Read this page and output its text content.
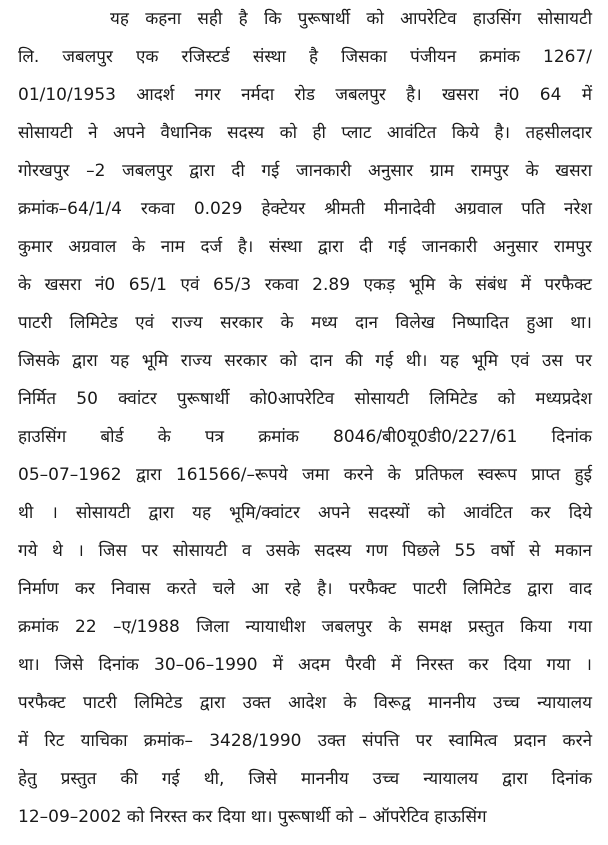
यह कहना सही है कि पुरूषार्थी को आपरेटिव हाउसिंग सोसायटी
लि. जबलपुर एक रजिस्टर्ड संस्था है जिसका पंजीयन क्रमांक 1267/
01/10/1953 आदर्श नगर नर्मदा रोड जबलपुर है। खसरा नं0 64 में
सोसायटी ने अपने वैधानिक सदस्य को ही प्लाट आवंटित किये है। तहसीलदार
गोरखपुर –2 जबलपुर द्वारा दी गई जानकारी अनुसार ग्राम रामपुर के खसरा
क्रमांक–64/1/4 रकवा 0.029 हेक्टेयर श्रीमती मीनादेवी अग्रवाल पति नरेश
कुमार अग्रवाल के नाम दर्ज है। संस्था द्वारा दी गई जानकारी अनुसार रामपुर
के खसरा नं0 65/1 एवं 65/3 रकवा 2.89 एकड़ भूमि के संबंध में परफैक्ट
पाटरी लिमिटेड एवं राज्य सरकार के मध्य दान विलेख निष्पादित हुआ था।
जिसके द्वारा यह भूमि राज्य सरकार को दान की गई थी। यह भूमि एवं उस पर
निर्मित 50 क्वांटर पुरूषार्थी को0आपरेटिव सोसायटी लिमिटेड को मध्यप्रदेश
हाउसिंग बोर्ड के पत्र क्रमांक 8046/बी0यू0डी0/227/61 दिनांक
05–07–1962 द्वारा 161566/–रूपये जमा करने के प्रतिफल स्वरूप प्राप्त हुई
थी । सोसायटी द्वारा यह भूमि/क्वांटर अपने सदस्यों को आवंटित कर दिये
गये थे । जिस पर सोसायटी व उसके सदस्य गण पिछले 55 वर्षो से मकान
निर्माण कर निवास करते चले आ रहे है। परफैक्ट पाटरी लिमिटेड द्वारा वाद
क्रमांक 22 –ए/1988 जिला न्यायाधीश जबलपुर के समक्ष प्रस्तुत किया गया
था। जिसे दिनांक 30–06–1990 में अदम पैरवी में निरस्त कर दिया गया ।
परफैक्ट पाटरी लिमिटेड द्वारा उक्त आदेश के विरूद्व माननीय उच्च न्यायालय
में रिट याचिका क्रमांक– 3428/1990 उक्त संपत्ति पर स्वामित्व प्रदान करने
हेतु प्रस्तुत की गई थी, जिसे माननीय उच्च न्यायालय द्वारा दिनांक
12–09–2002 को निरस्त कर दिया था। पुरूषार्थी को – ऑपरेटिव हाऊसिंग
